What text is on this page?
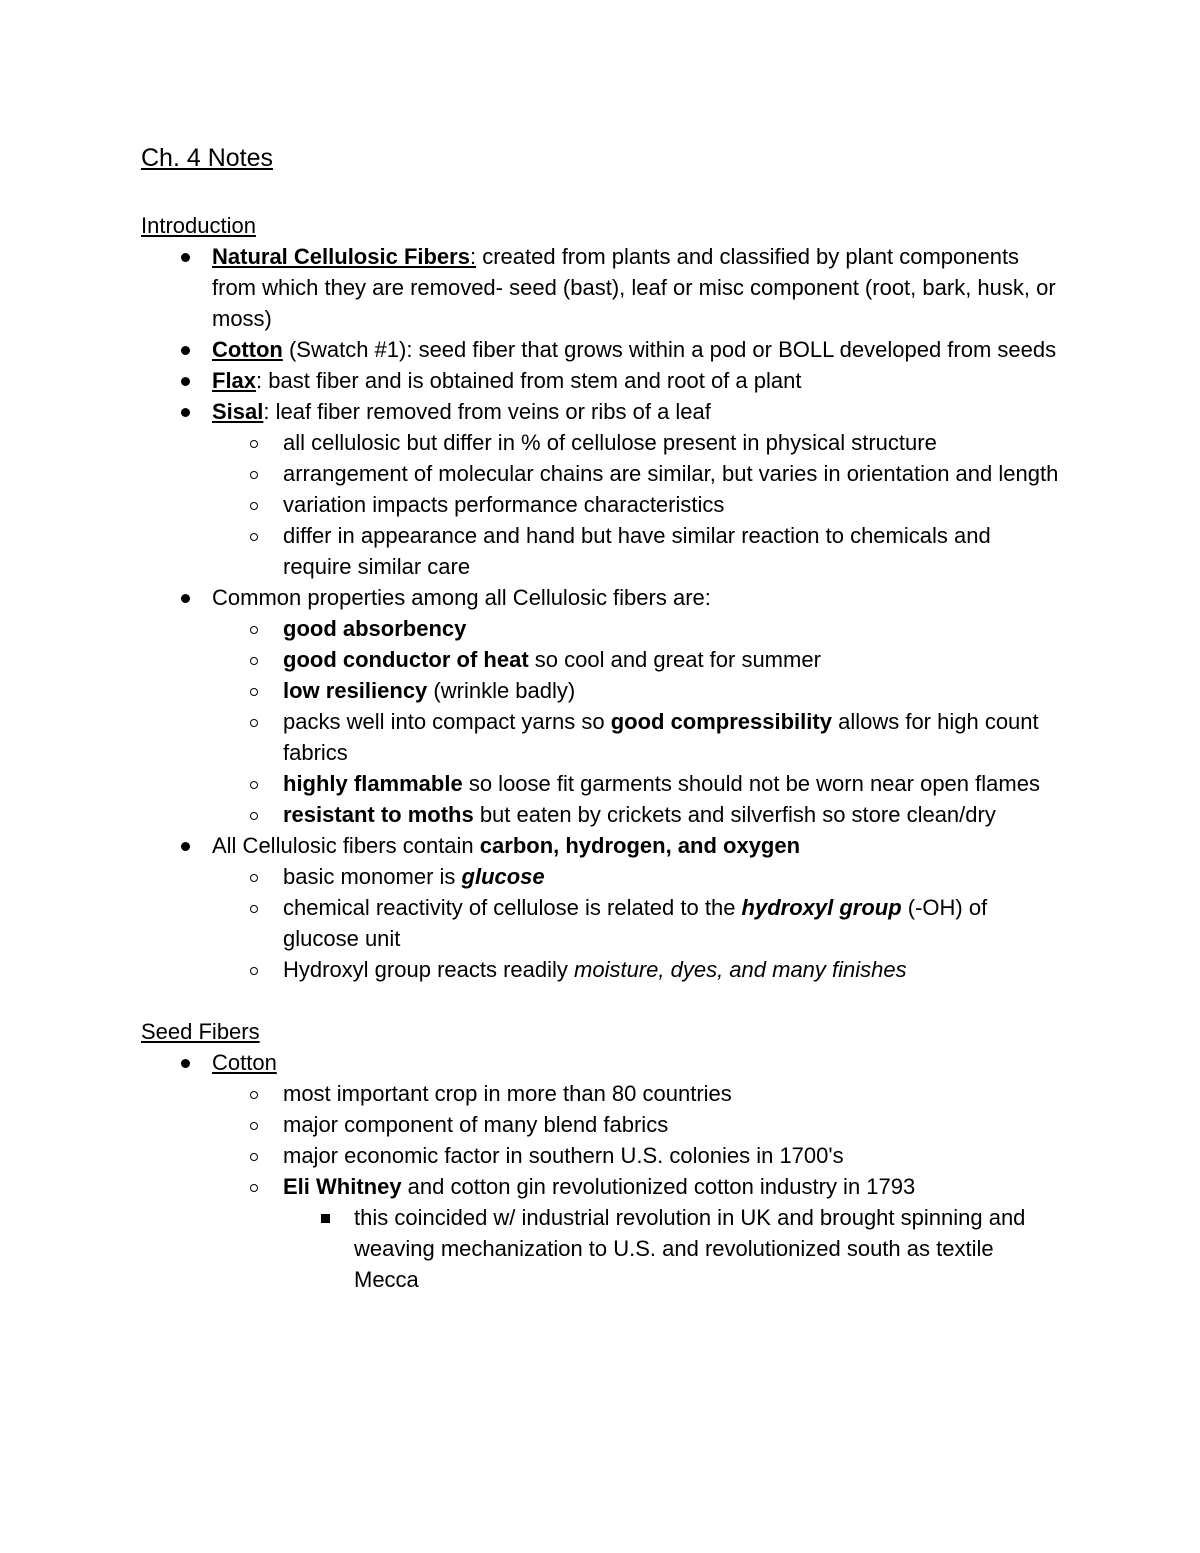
Ch. 4 Notes
Introduction
Natural Cellulosic Fibers: created from plants and classified by plant components from which they are removed- seed (bast), leaf or misc component (root, bark, husk, or moss)
Cotton (Swatch #1): seed fiber that grows within a pod or BOLL developed from seeds
Flax: bast fiber and is obtained from stem and root of a plant
Sisal: leaf fiber removed from veins or ribs of a leaf
all cellulosic but differ in % of cellulose present in physical structure
arrangement of molecular chains are similar, but varies in orientation and length
variation impacts performance characteristics
differ in appearance and hand but have similar reaction to chemicals and require similar care
Common properties among all Cellulosic fibers are:
good absorbency
good conductor of heat so cool and great for summer
low resiliency (wrinkle badly)
packs well into compact yarns so good compressibility allows for high count fabrics
highly flammable so loose fit garments should not be worn near open flames
resistant to moths but eaten by crickets and silverfish so store clean/dry
All Cellulosic fibers contain carbon, hydrogen, and oxygen
basic monomer is glucose
chemical reactivity of cellulose is related to the hydroxyl group (-OH) of glucose unit
Hydroxyl group reacts readily moisture, dyes, and many finishes
Seed Fibers
Cotton
most important crop in more than 80 countries
major component of many blend fabrics
major economic factor in southern U.S. colonies in 1700's
Eli Whitney and cotton gin revolutionized cotton industry in 1793
this coincided w/ industrial revolution in UK and brought spinning and weaving mechanization to U.S. and revolutionized south as textile Mecca
